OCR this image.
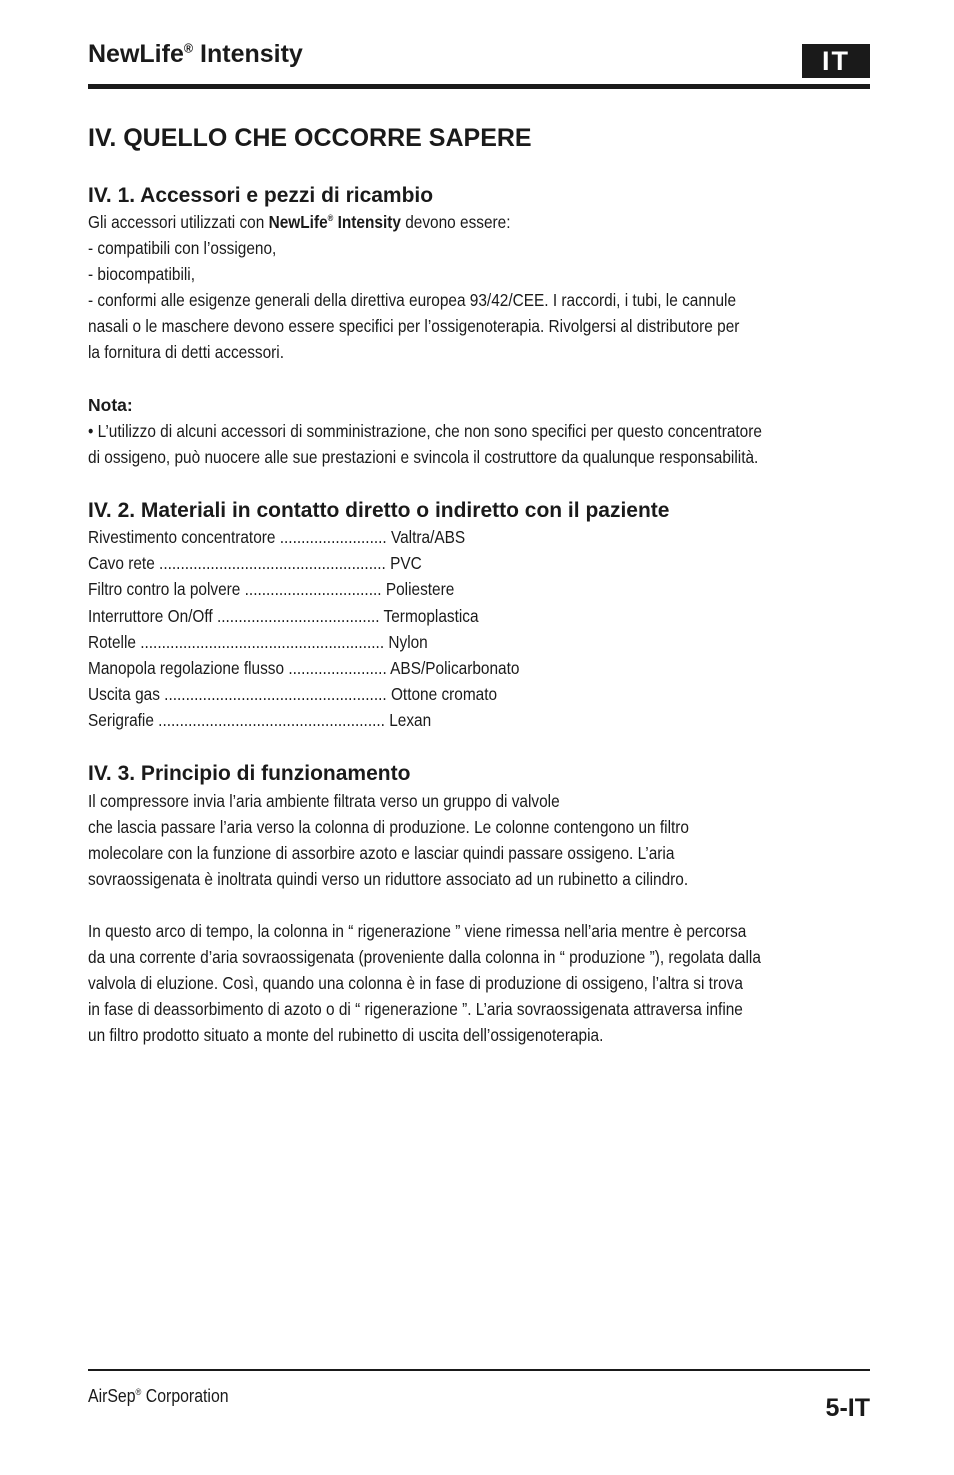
NewLife® Intensity	IT
IV. QUELLO CHE OCCORRE SAPERE
IV. 1. Accessori e pezzi di ricambio
Gli accessori utilizzati con NewLife® Intensity devono essere:
- compatibili con l’ossigeno,
- biocompatibili,
- conformi alle esigenze generali della direttiva europea 93/42/CEE. I raccordi, i tubi, le cannule
nasali o le maschere devono essere specifici per l’ossigenoterapia. Rivolgersi al distributore per
la fornitura di detti accessori.
Nota:
• L’utilizzo di alcuni accessori di somministrazione, che non sono specifici per questo concentratore
di ossigeno, può nuocere alle sue prestazioni e svincola il costruttore da qualunque responsabilità.
IV. 2. Materiali in contatto diretto o indiretto con il paziente
Rivestimento concentratore ......................... Valtra/ABS
Cavo rete ..................................................... PVC
Filtro contro la polvere ................................ Poliestere
Interruttore On/Off ...................................... Termoplastica
Rotelle ......................................................... Nylon
Manopola regolazione flusso ....................... ABS/Policarbonato
Uscita gas .................................................... Ottone cromato
Serigrafie ..................................................... Lexan
IV. 3. Principio di funzionamento
Il compressore invia l’aria ambiente filtrata verso un gruppo di valvole
che lascia passare l’aria verso la colonna di produzione. Le colonne contengono un filtro
molecolare con la funzione di assorbire azoto e lasciar quindi passare ossigeno. L’aria
sovraossigenata è inoltrata quindi verso un riduttore associato ad un rubinetto a cilindro.
In questo arco di tempo, la colonna in “ rigenerazione ” viene rimessa nell’aria mentre è percorsa
da una corrente d’aria sovraossigenata (proveniente dalla colonna in “ produzione ”), regolata dalla
valvola di eluzione. Così, quando una colonna è in fase di produzione di ossigeno, l’altra si trova
in fase di deassorbimento di azoto o di “ rigenerazione ”. L’aria sovraossigenata attraversa infine
un filtro prodotto situato a monte del rubinetto di uscita dell’ossigenoterapia.
AirSep® Corporation	5-IT
